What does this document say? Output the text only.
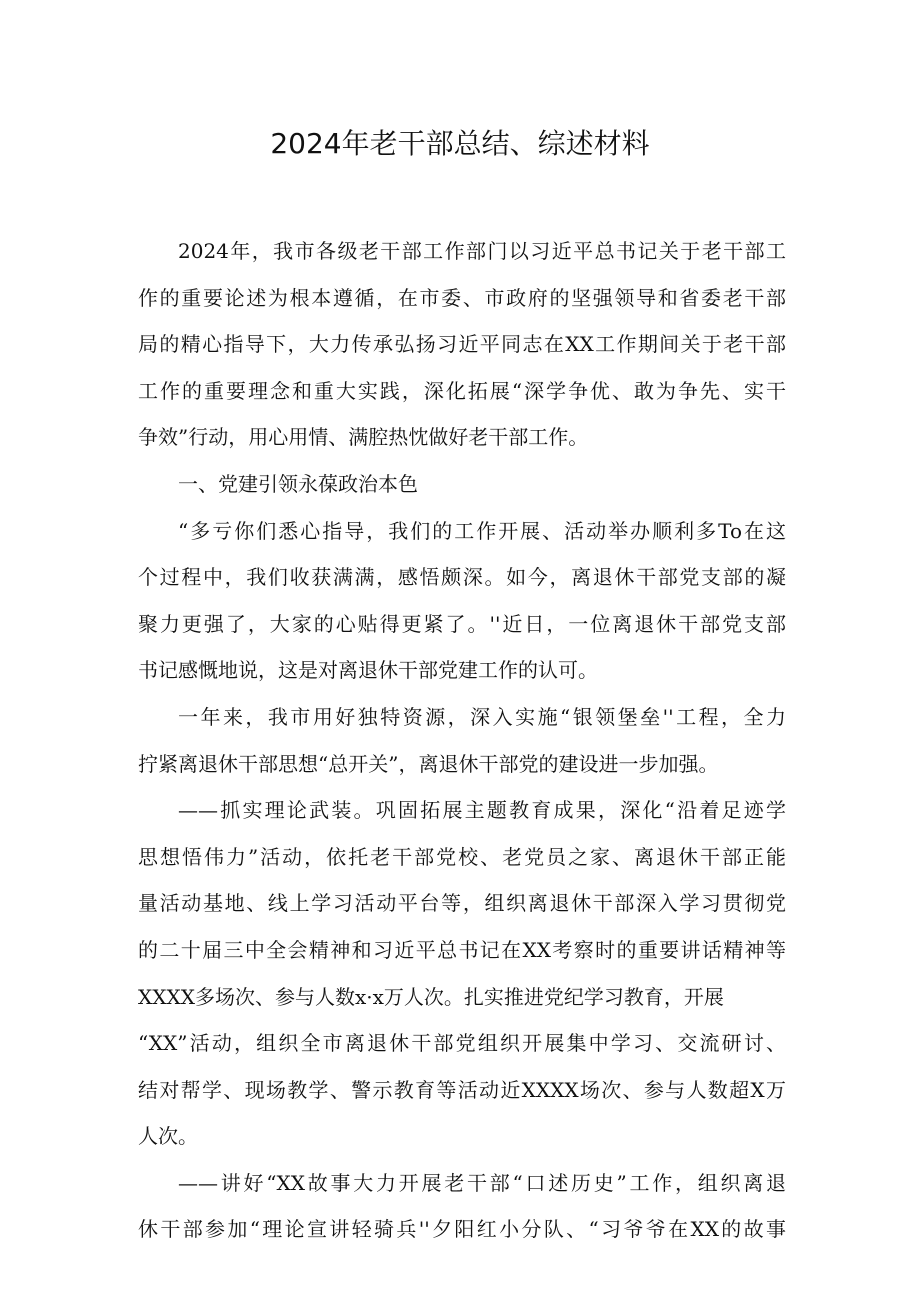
2024年老干部总结、综述材料
2024年，我市各级老干部工作部门以习近平总书记关于老干部工
作的重要论述为根本遵循，在市委、市政府的坚强领导和省委老干部
局的精心指导下，大力传承弘扬习近平同志在XX工作期间关于老干部
工作的重要理念和重大实践，深化拓展“深学争优、敢为争先、实干
争效”行动，用心用情、满腔热忱做好老干部工作。
一、党建引领永葆政治本色
“多亏你们悉心指导，我们的工作开展、活动举办顺利多To在这
个过程中，我们收获满满，感悟颇深。如今，离退休干部党支部的凝
聚力更强了，大家的心贴得更紧了。''近日，一位离退休干部党支部
书记感慨地说，这是对离退休干部党建工作的认可。
一年来，我市用好独特资源，深入实施“银领堡垒''工程，全力
拧紧离退休干部思想“总开关”，离退休干部党的建设进一步加强。
——抓实理论武装。巩固拓展主题教育成果，深化“沿着足迹学
思想悟伟力”活动，依托老干部党校、老党员之家、离退休干部正能
量活动基地、线上学习活动平台等，组织离退休干部深入学习贯彻党
的二十届三中全会精神和习近平总书记在XX考察时的重要讲话精神等
XXXX多场次、参与人数x·x万人次。扎实推进党纪学习教育，开展
“XX”活动，组织全市离退休干部党组织开展集中学习、交流研讨、
结对帮学、现场教学、警示教育等活动近XXXX场次、参与人数超X万
人次。
——讲好“XX故事大力开展老干部“口述历史”工作，组织离退
休干部参加“理论宣讲轻骑兵''夕阳红小分队、“习爷爷在XX的故事
